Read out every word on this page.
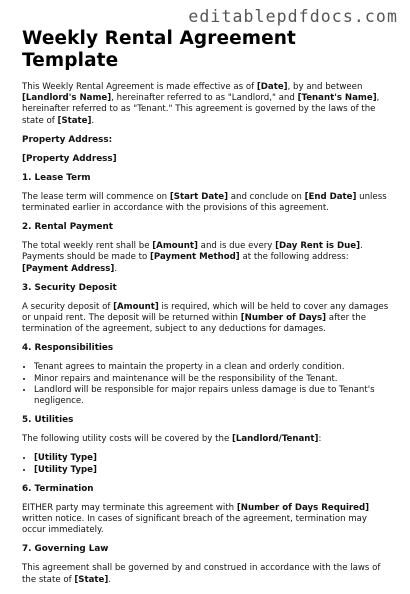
editablepdfdocs.com
Weekly Rental Agreement Template

This Weekly Rental Agreement is made effective as of [Date], by and between [Landlord's Name], hereinafter referred to as "Landlord," and [Tenant's Name], hereinafter referred to as "Tenant." This agreement is governed by the laws of the state of [State].

Property Address:
[Property Address]
1. Lease Term

The lease term will commence on [Start Date] and conclude on [End Date] unless terminated earlier in accordance with the provisions of this agreement.

2. Rental Payment

The total weekly rent shall be [Amount] and is due every [Day Rent is Due]. Payments should be made to [Payment Method] at the following address: [Payment Address].

3. Security Deposit

A security deposit of [Amount] is required, which will be held to cover any damages or unpaid rent. The deposit will be returned within [Number of Days] after the termination of the agreement, subject to any deductions for damages.

4. Responsibilities
• Tenant agrees to maintain the property in a clean and orderly condition.
• Minor repairs and maintenance will be the responsibility of the Tenant.
• Landlord will be responsible for major repairs unless damage is due to Tenant's negligence.
5. Utilities

The following utility costs will be covered by the [Landlord/Tenant]:

• [Utility Type]
• [Utility Type]
6. Termination

EITHER party may terminate this agreement with [Number of Days Required] written notice. In cases of significant breach of the agreement, termination may occur immediately.

7. Governing Law

This agreement shall be governed by and construed in accordance with the laws of the state of [State].
